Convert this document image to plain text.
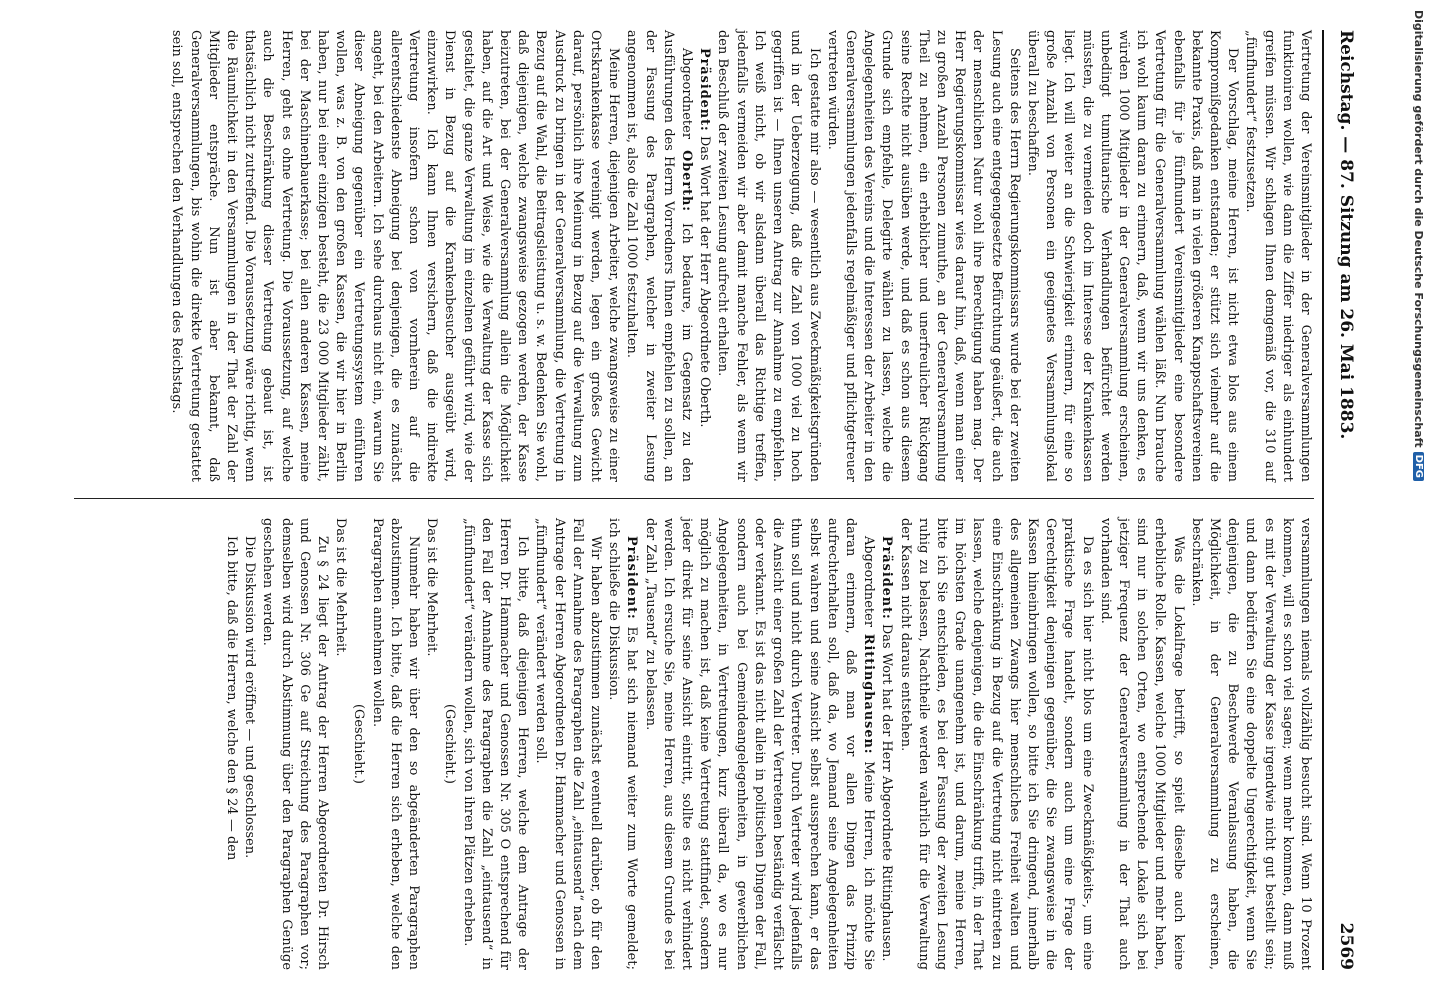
Reichstag. — 87. Sitzung am 26. Mai 1883.
2569

Vertretung der Vereinsmitglieder in der Generalversammlungen funktioniren wollen, wie dann die Ziffer niedriger als einhundert greifen müssen. Wir schlagen Ihnen demgemäß vor, die 310 auf „fünfhundert“ festzusetzen.

Der Vorschlag, meine Herren, ist nicht etwa blos aus einem Kompromißgedanken entstanden; er stützt sich vielmehr auf die bekannte Praxis, daß man in vielen größeren Knappschaftsvereinen ebenfalls für je fünfhundert Vereinsmitglieder eine besondere Vertretung für die Generalversammlung wählen läßt. Nun brauche ich wohl kaum daran zu erinnern, daß, wenn wir uns denken, es würden 1000 Mitglieder in der Generalversammlung erscheinen, unbedingt tumultuarische Verhandlungen befürchtet werden müssten, die zu vermeiden doch im Interesse der Krankenkassen liegt. Ich will weiter an die Schwierigkeit erinnern, für eine so große Anzahl von Personen ein geeignetes Versammlungslokal überall zu beschaffen.

Seitens des Herrn Regierungskommissars wurde bei der zweiten Lesung auch eine entgegengesetzte Befürchtung geäußert, die auch der menschlichen Natur wohl ihre Berechtigung haben mag. Der Herr Regierungskommissar wies darauf hin, daß, wenn man einer zu großen Anzahl Personen zumuthe, an der Generalversammlung Theil zu nehmen, ein erheblicher und unerfreulicher Rückgang seine Rechte nicht ausüben werde, und daß es schon aus diesem Grunde sich empfehle, Delegirte wählen zu lassen, welche die Angelegenheiten des Vereins und die Interessen der Arbeiter in den Generalversammlungen jedenfalls regelmäßiger und pflichtgetreuer vertreten würden.

Ich gestatte mir also — wesentlich aus Zweckmäßigkeitsgründen und in der Ueberzeugung, daß die Zahl von 1000 viel zu hoch gegriffen ist — Ihnen unseren Antrag zur Annahme zu empfehlen. Ich weiß nicht, ob wir alsdann überall das Richtige treffen, jedenfalls vermeiden wir aber damit manche Fehler, als wenn wir den Beschluß der zweiten Lesung aufrecht erhalten.

Präsident: Das Wort hat der Herr Abgeordnete Oberth.

Abgeordneter Oberth: Ich bedaure, im Gegensatz zu den Ausführungen des Herrn Vorredners Ihnen empfehlen zu sollen, an der Fassung des Paragraphen, welcher in zweiter Lesung angenommen ist, also die Zahl 1000 festzuhalten.

Meine Herren, diejenigen Arbeiter, welche zwangsweise zu einer Ortskrankenkasse vereinigt werden, legen ein großes Gewicht darauf, persönlich ihre Meinung in Bezug auf die Verwaltung zum Ausdruck zu bringen in der Generalversammlung, die Vertretung in Bezug auf die Wahl, die Beitragsleistung u. s. w. Bedenken Sie wohl, daß diejenigen, welche zwangsweise gezogen werden, der Kasse beizutreten, bei der Generalversammlung allein die Möglichkeit haben, auf die Art und Weise, wie die Verwaltung der Kasse sich gestaltet, die ganze Verwaltung im einzelnen geführt wird, wie der Dienst in Bezug auf die Krankenbesucher ausgeübt wird, einzuwirken. Ich kann Ihnen versichern, daß die indirekte Vertretung insofern schon von vornherein auf die allerentschiedenste Abneigung bei denjenigen, die es zunächst angeht, bei den Arbeitern. Ich sehe durchaus nicht ein, warum Sie dieser Abneigung gegenüber ein Vertretungssystem einführen wollen, was z. B. von den großen Kassen, die wir hier in Berlin haben, nur bei einer einzigen besteht, die 23 000 Mitglieder zählt, bei der Maschinenbauerkasse; bei allen anderen Kassen, meine Herren, geht es ohne Vertretung. Die Voraussetzung, auf welche auch die Beschränkung dieser Vertretung gebaut ist, ist thatsächlich nicht zutreffend. Die Voraussetzung wäre richtig, wenn die Räumlichkeit in den Versammlungen in der That der Zahl der Mitglieder entspräche. Nun ist aber bekannt, daß Generalversammlungen, bis wohin die direkte Vertretung gestattet sein soll, entsprechen den Verhandlungen des Reichstags.

versammlungen niemals vollzählig besucht sind. Wenn 10 Prozent kommen, will es schon viel sagen; wenn mehr kommen, dann muß es mit der Verwaltung der Kasse irgendwie nicht gut bestellt sein; und dann bedürfen Sie eine doppelte Ungerechtigkeit, wenn Sie denjenigen, die zu Beschwerde Veranlassung haben, die Möglichkeit, in der Generalversammlung zu erscheinen, beschränken.

Was die Lokalfrage betrifft, so spielt dieselbe auch keine erhebliche Rolle. Kassen, welche 1000 Mitglieder und mehr haben, sind nur in solchen Orten, wo entsprechende Lokale sich bei jetziger Frequenz der Generalversammlung in der That auch vorhanden sind.

Da es sich hier nicht blos um eine Zweckmäßigkeits-, um eine praktische Frage handelt, sondern auch um eine Frage der Gerechtigkeit denjenigen gegenüber, die Sie zwangsweise in die Kassen hineinbringen wollen, so bitte ich Sie dringend, innerhalb des allgemeinen Zwangs hier menschliches Freiheit walten und eine Einschränkung in Bezug auf die Vertretung nicht eintreten zu lassen, welche denjenigen, die die Einschränkung trifft, in der That im höchsten Grade unangenehm ist, und darum, meine Herren, bitte ich Sie entschieden, es bei der Fassung der zweiten Lesung ruhig zu belassen, Nachtheile werden wahrlich für die Verwaltung der Kassen nicht daraus entstehen.

Präsident: Das Wort hat der Herr Abgeordnete Rittinghausen.

Abgeordneter Rittinghausen: Meine Herren, ich möchte Sie daran erinnern, daß man vor allen Dingen das Prinzip aufrechterhalten soll, daß da, wo Jemand seine Angelegenheiten selbst wahren und seine Ansicht selbst aussprechen kann, er das thun soll und nicht durch Vertreter. Durch Vertreter wird jedenfalls die Ansicht einer großen Zahl der Vertretenen beständig verfälscht oder verkannt. Es ist das nicht allein in politischen Dingen der Fall, sondern auch bei Gemeindeangelegenheiten, in gewerblichen Angelegenheiten, in Vertretungen, kurz überall da, wo es nur möglich zu machen ist, daß keine Vertretung stattfindet, sondern jeder direkt für seine Ansicht eintritt, sollte es nicht verhindert werden. Ich ersuche Sie, meine Herren, aus diesem Grunde es bei der Zahl „Tausend“ zu belassen.

Präsident: Es hat sich niemand weiter zum Worte gemeldet; ich schließe die Diskussion.

Wir haben abzustimmen zunächst eventuell darüber, ob für den Fall der Annahme des Paragraphen die Zahl „eintausend“ nach dem Antrage der Herren Abgeordneten Dr. Hammacher und Genossen in „fünfhundert“ verändert werden soll.

Ich bitte, daß diejenigen Herren, welche dem Antrage der Herren Dr. Hammacher und Genossen Nr. 305 O entsprechend für den Fall der Annahme des Paragraphen die Zahl „eintausend“ in „fünfhundert“ verändern wollen, sich von ihren Plätzen erheben.

(Geschieht.)

Das ist die Mehrheit.

Nunmehr haben wir über den so abgeänderten Paragraphen abzustimmen. Ich bitte, daß die Herren sich erheben, welche den Paragraphen annehmen wollen.

(Geschieht.)

Das ist die Mehrheit.

Zu § 24 liegt der Antrag der Herren Abgeordneten Dr. Hirsch und Genossen Nr. 306 Ge auf Streichung des Paragraphen vor; demselben wird durch Abstimmung über den Paragraphen Genüge geschehen werden.

Die Diskussion wird eröffnet — und geschlossen.

Ich bitte, daß die Herren, welche den § 24 — den

Digitalisierung gefördert durch die Deutsche Forschungsgemeinschaft
DFG
